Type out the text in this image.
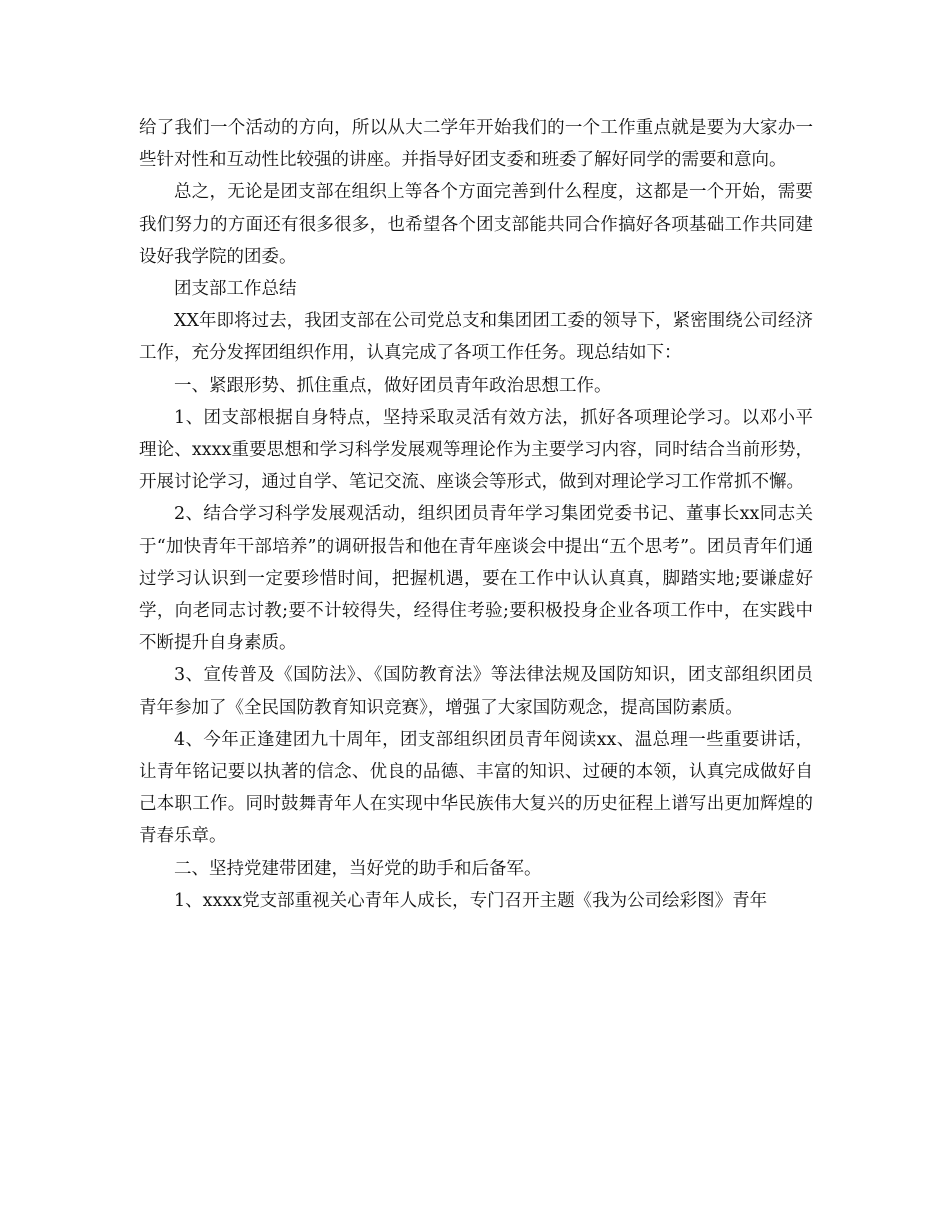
给了我们一个活动的方向，所以从大二学年开始我们的一个工作重点就是要为大家办一些针对性和互动性比较强的讲座。并指导好团支委和班委了解好同学的需要和意向。

总之，无论是团支部在组织上等各个方面完善到什么程度，这都是一个开始，需要我们努力的方面还有很多很多，也希望各个团支部能共同合作搞好各项基础工作共同建设好我学院的团委。

团支部工作总结

XX年即将过去，我团支部在公司党总支和集团团工委的领导下，紧密围绕公司经济工作，充分发挥团组织作用，认真完成了各项工作任务。现总结如下：

一、紧跟形势、抓住重点，做好团员青年政治思想工作。

1、团支部根据自身特点，坚持采取灵活有效方法，抓好各项理论学习。以邓小平理论、xxxx重要思想和学习科学发展观等理论作为主要学习内容，同时结合当前形势，开展讨论学习，通过自学、笔记交流、座谈会等形式，做到对理论学习工作常抓不懈。

2、结合学习科学发展观活动，组织团员青年学习集团党委书记、董事长xx同志关于“加快青年干部培养”的调研报告和他在青年座谈会中提出“五个思考”。团员青年们通过学习认识到一定要珍惜时间，把握机遇，要在工作中认认真真，脚踏实地;要谦虚好学，向老同志讨教;要不计较得失，经得住考验;要积极投身企业各项工作中，在实践中不断提升自身素质。

3、宣传普及《国防法》、《国防教育法》等法律法规及国防知识，团支部组织团员青年参加了《全民国防教育知识竞赛》，增强了大家国防观念，提高国防素质。

4、今年正逢建团九十周年，团支部组织团员青年阅读xx、温总理一些重要讲话，让青年铭记要以执著的信念、优良的品德、丰富的知识、过硬的本领，认真完成做好自己本职工作。同时鼓舞青年人在实现中华民族伟大复兴的历史征程上谱写出更加辉煌的青春乐章。

二、坚持党建带团建，当好党的助手和后备军。

1、xxxx党支部重视关心青年人成长，专门召开主题《我为公司绘彩图》青年
